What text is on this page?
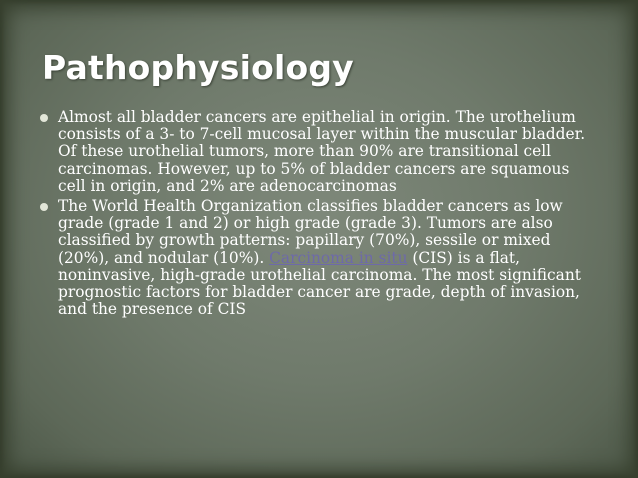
Pathophysiology
Almost all bladder cancers are epithelial in origin. The urothelium consists of a 3- to 7-cell mucosal layer within the muscular bladder. Of these urothelial tumors, more than 90% are transitional cell carcinomas. However, up to 5% of bladder cancers are squamous cell in origin, and 2% are adenocarcinomas
The World Health Organization classifies bladder cancers as low grade (grade 1 and 2) or high grade (grade 3). Tumors are also classified by growth patterns: papillary (70%), sessile or mixed (20%), and nodular (10%). Carcinoma in situ (CIS) is a flat, noninvasive, high-grade urothelial carcinoma. The most significant prognostic factors for bladder cancer are grade, depth of invasion, and the presence of CIS
